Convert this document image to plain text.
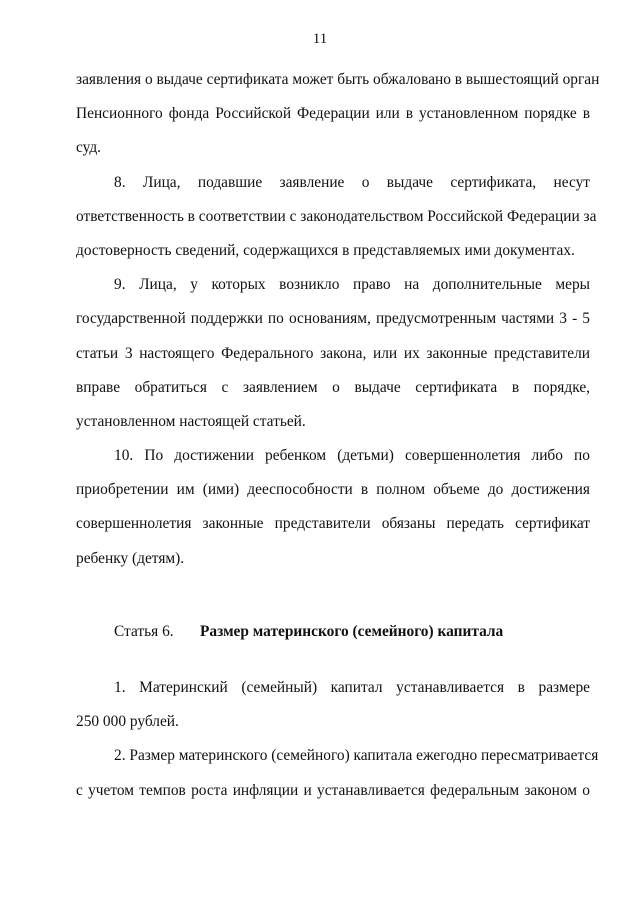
11
заявления о выдаче сертификата может быть обжаловано в вышестоящий орган
Пенсионного фонда Российской Федерации или в установленном порядке в
суд.
8. Лица, подавшие заявление о выдаче сертификата, несут
ответственность в соответствии с законодательством Российской Федерации за
достоверность сведений, содержащихся в представляемых ими документах.
9. Лица, у которых возникло право на дополнительные меры
государственной поддержки по основаниям, предусмотренным частями 3 - 5
статьи 3 настоящего Федерального закона, или их законные представители
вправе обратиться с заявлением о выдаче сертификата в порядке,
установленном настоящей статьей.
10. По достижении ребенком (детьми) совершеннолетия либо по
приобретении им (ими) дееспособности в полном объеме до достижения
совершеннолетия законные представители обязаны передать сертификат
ребенку (детям).
Статья 6. Размер материнского (семейного) капитала
1. Материнский (семейный) капитал устанавливается в размере
250 000 рублей.
2. Размер материнского (семейного) капитала ежегодно пересматривается
с учетом темпов роста инфляции и устанавливается федеральным законом о
